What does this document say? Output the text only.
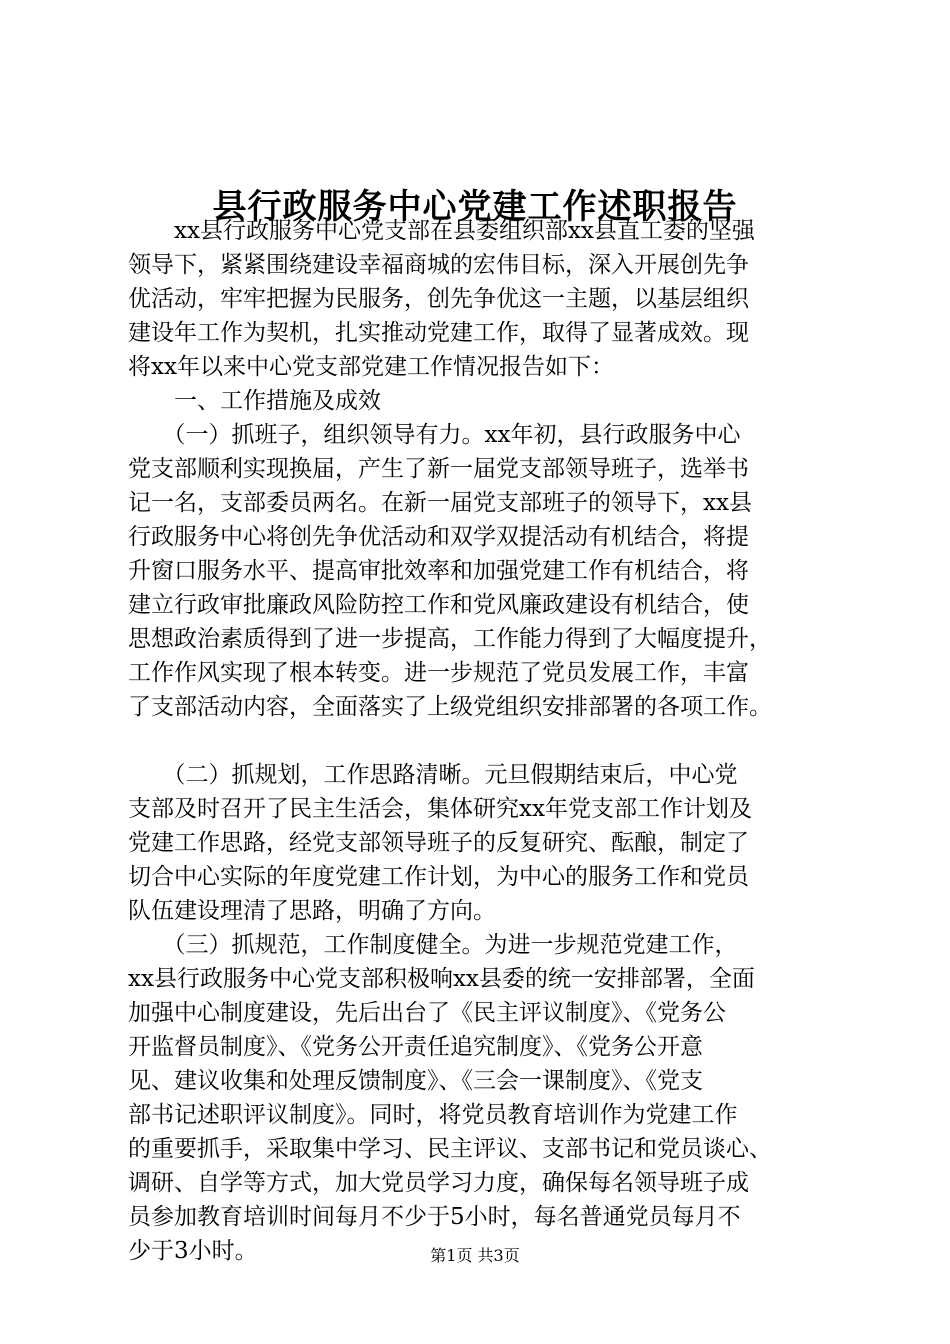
县行政服务中心党建工作述职报告
　　xx县行政服务中心党支部在县委组织部xx县直工委的坚强
领导下，紧紧围绕建设幸福商城的宏伟目标，深入开展创先争
优活动，牢牢把握为民服务，创先争优这一主题，以基层组织
建设年工作为契机，扎实推动党建工作，取得了显著成效。现
将xx年以来中心党支部党建工作情况报告如下：
　　一、工作措施及成效
　　（一）抓班子，组织领导有力。xx年初，县行政服务中心
党支部顺利实现换届，产生了新一届党支部领导班子，选举书
记一名，支部委员两名。在新一届党支部班子的领导下，xx县
行政服务中心将创先争优活动和双学双提活动有机结合，将提
升窗口服务水平、提高审批效率和加强党建工作有机结合，将
建立行政审批廉政风险防控工作和党风廉政建设有机结合，使
思想政治素质得到了进一步提高，工作能力得到了大幅度提升，
工作作风实现了根本转变。进一步规范了党员发展工作，丰富
了支部活动内容，全面落实了上级党组织安排部署的各项工作。
　　（二）抓规划，工作思路清晰。元旦假期结束后，中心党
支部及时召开了民主生活会，集体研究xx年党支部工作计划及
党建工作思路，经党支部领导班子的反复研究、酝酿，制定了
切合中心实际的年度党建工作计划，为中心的服务工作和党员
队伍建设理清了思路，明确了方向。
　　（三）抓规范，工作制度健全。为进一步规范党建工作，
xx县行政服务中心党支部积极响xx县委的统一安排部署，全面
加强中心制度建设，先后出台了《民主评议制度》、《党务公
开监督员制度》、《党务公开责任追究制度》、《党务公开意
见、建议收集和处理反馈制度》、《三会一课制度》、《党支
部书记述职评议制度》。同时，将党员教育培训作为党建工作
的重要抓手，采取集中学习、民主评议、支部书记和党员谈心、
调研、自学等方式，加大党员学习力度，确保每名领导班子成
员参加教育培训时间每月不少于5小时，每名普通党员每月不
少于3小时。	第1页 共3页
